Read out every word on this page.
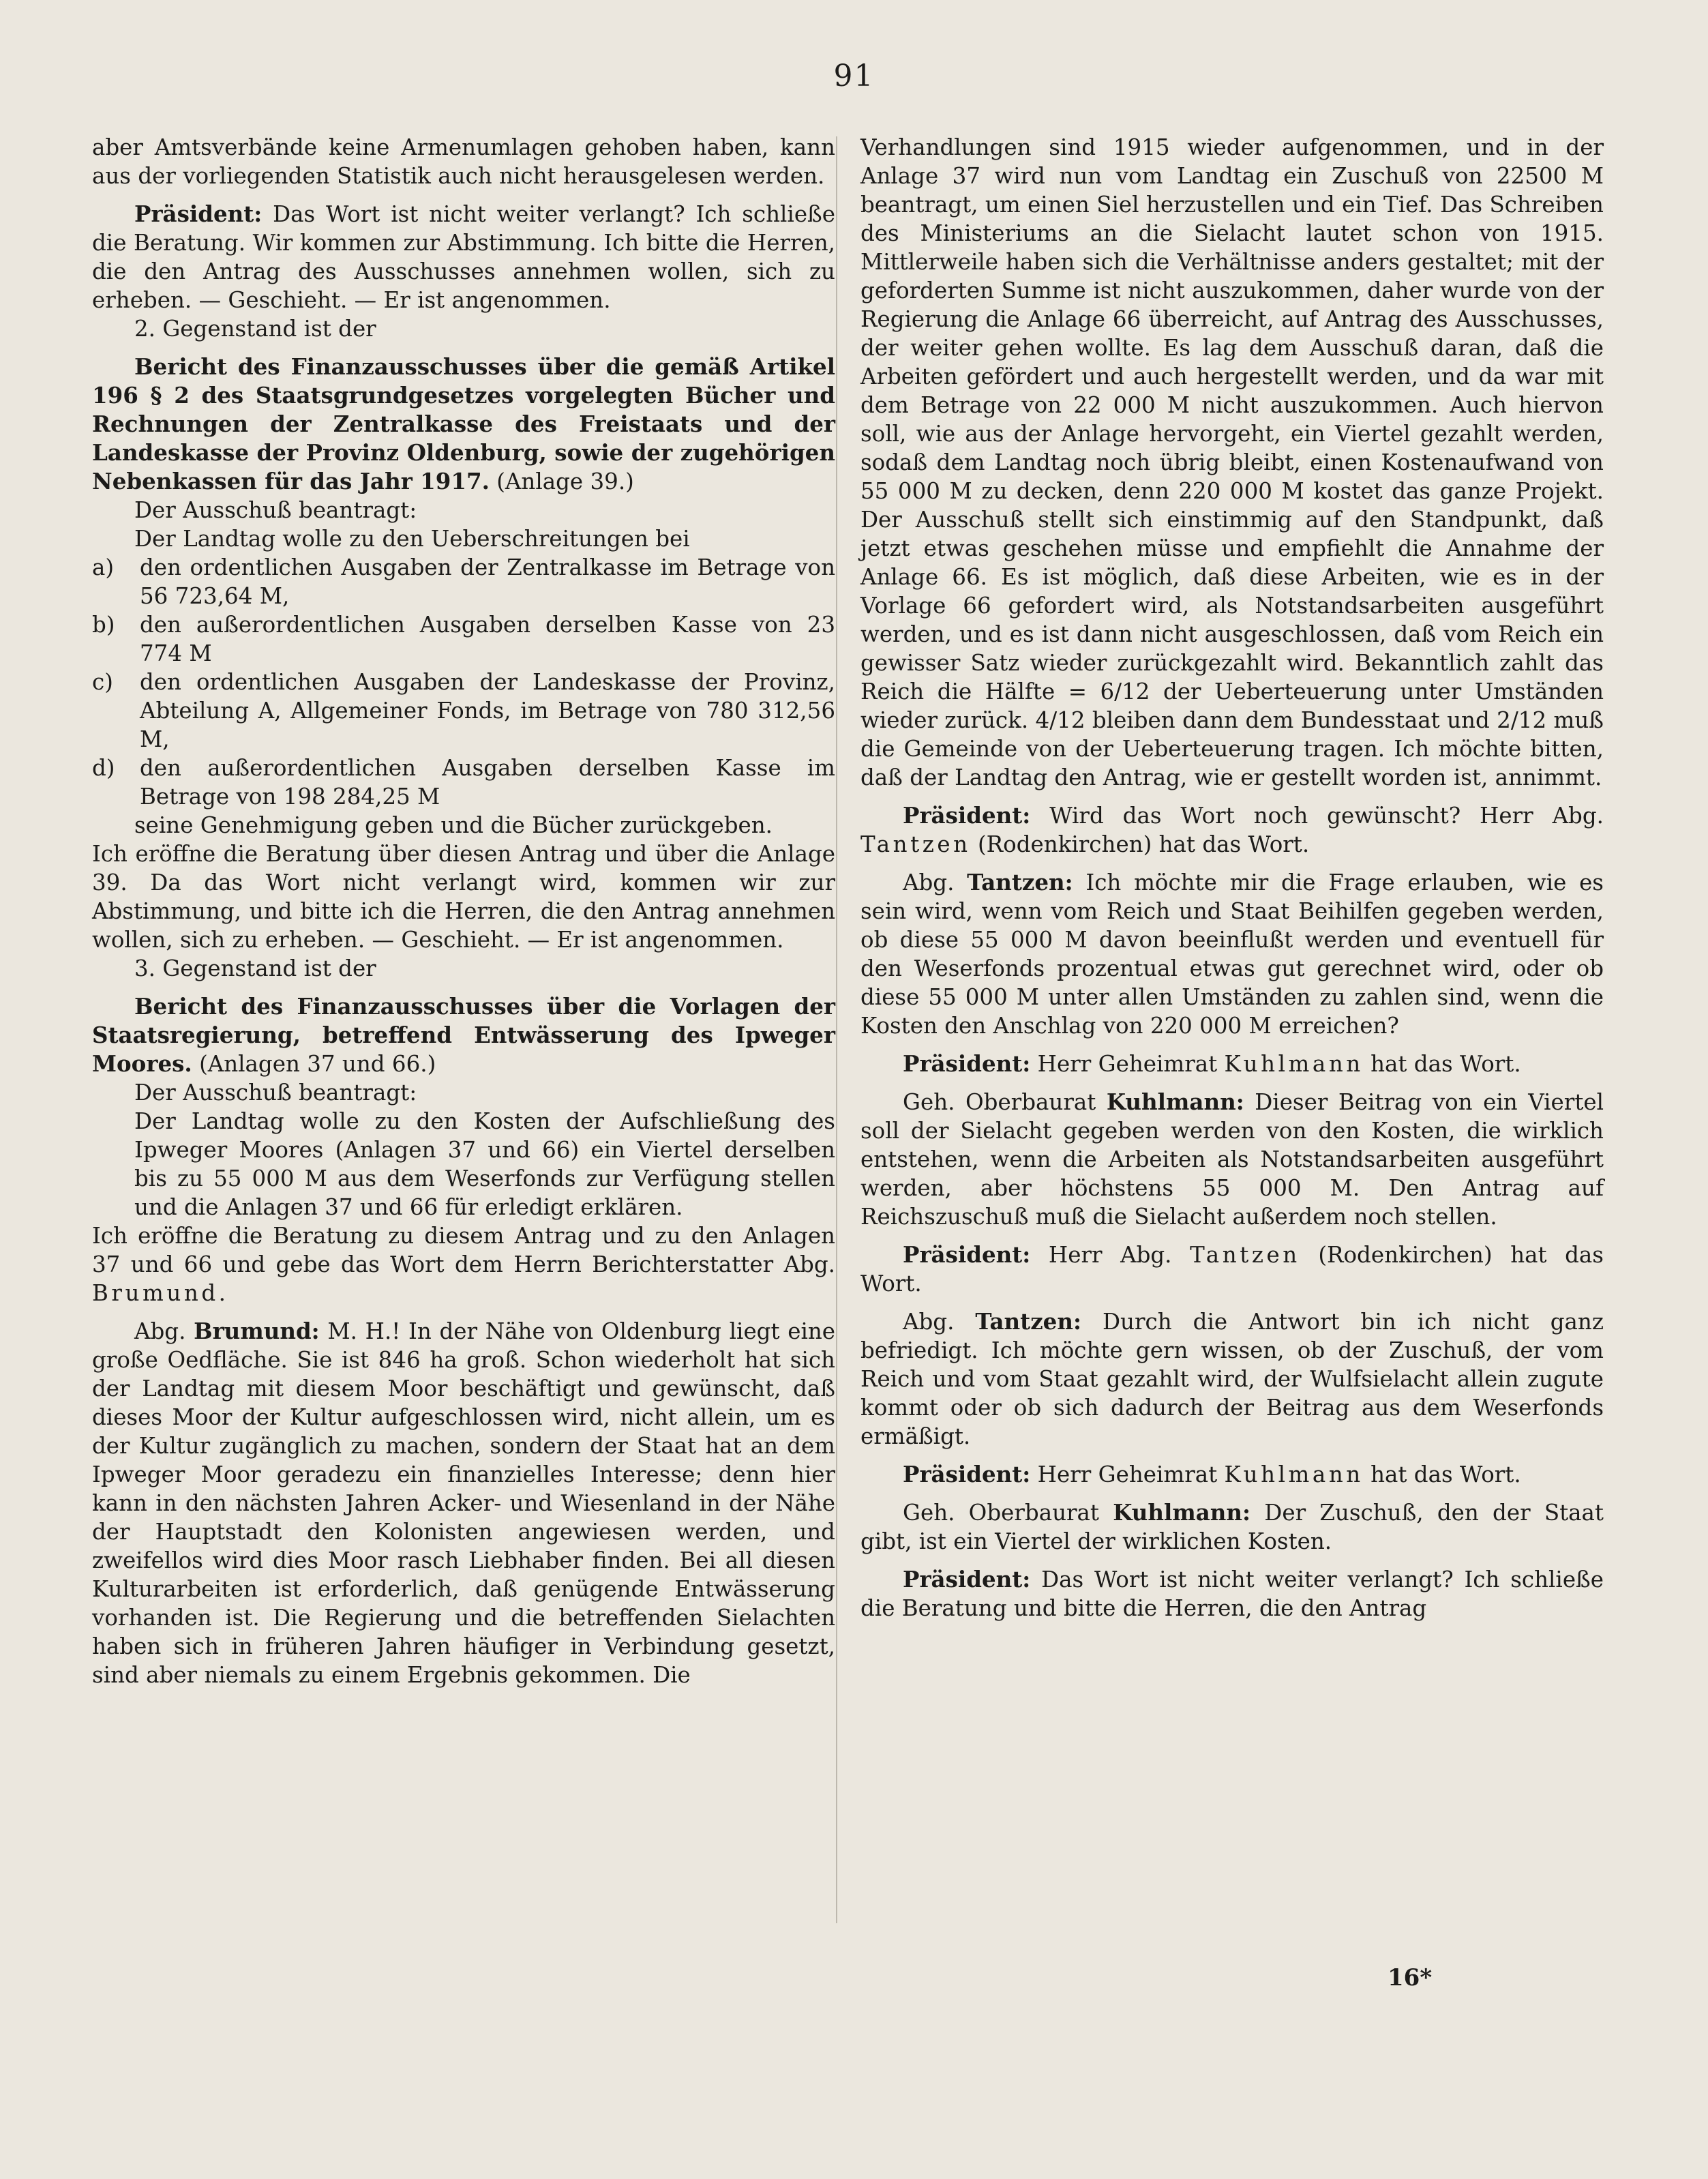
91

aber Amtsverbände keine Armenumlagen gehoben haben, kann aus der vorliegenden Statistik auch nicht herausgelesen werden.

Präsident: Das Wort ist nicht weiter verlangt? Ich schließe die Beratung. Wir kommen zur Abstimmung. Ich bitte die Herren, die den Antrag des Ausschusses annehmen wollen, sich zu erheben. — Geschieht. — Er ist angenommen.

2. Gegenstand ist der

Bericht des Finanzausschusses über die gemäß Artikel 196 § 2 des Staatsgrundgesetzes vorgelegten Bücher und Rechnungen der Zentralkasse des Freistaats und der Landeskasse der Provinz Oldenburg, sowie der zugehörigen Nebenkassen für das Jahr 1917. (Anlage 39.)

Der Ausschuß beantragt:

Der Landtag wolle zu den Ueberschreitungen bei

a)	den ordentlichen Ausgaben der Zentralkasse im Betrage von 56 723,64 M,
b)	den außerordentlichen Ausgaben derselben Kasse von 23 774 M
c)	den ordentlichen Ausgaben der Landeskasse der Provinz, Abteilung A, Allgemeiner Fonds, im Betrage von 780 312,56 M,
d)	den außerordentlichen Ausgaben derselben Kasse im Betrage von 198 284,25 M

seine Genehmigung geben und die Bücher zurückgeben.

Ich eröffne die Beratung über diesen Antrag und über die Anlage 39. Da das Wort nicht verlangt wird, kommen wir zur Abstimmung, und bitte ich die Herren, die den Antrag annehmen wollen, sich zu erheben. — Geschieht. — Er ist angenommen.

3. Gegenstand ist der

Bericht des Finanzausschusses über die Vorlagen der Staatsregierung, betreffend Entwässerung des Ipweger Moores. (Anlagen 37 und 66.)

Der Ausschuß beantragt:

Der Landtag wolle zu den Kosten der Aufschließung des Ipweger Moores (Anlagen 37 und 66) ein Viertel derselben bis zu 55 000 M aus dem Weserfonds zur Verfügung stellen und die Anlagen 37 und 66 für erledigt erklären.

Ich eröffne die Beratung zu diesem Antrag und zu den Anlagen 37 und 66 und gebe das Wort dem Herrn Berichterstatter Abg. Brumund.

Abg. Brumund: M. H.! In der Nähe von Oldenburg liegt eine große Oedfläche. Sie ist 846 ha groß. Schon wiederholt hat sich der Landtag mit diesem Moor beschäftigt und gewünscht, daß dieses Moor der Kultur aufgeschlossen wird, nicht allein, um es der Kultur zugänglich zu machen, sondern der Staat hat an dem Ipweger Moor geradezu ein finanzielles Interesse; denn hier kann in den nächsten Jahren Acker- und Wiesenland in der Nähe der Hauptstadt den Kolonisten angewiesen werden, und zweifellos wird dies Moor rasch Liebhaber finden. Bei all diesen Kulturarbeiten ist erforderlich, daß genügende Entwässerung vorhanden ist. Die Regierung und die betreffenden Sielachten haben sich in früheren Jahren häufiger in Verbindung gesetzt, sind aber niemals zu einem Ergebnis gekommen. Die

Verhandlungen sind 1915 wieder aufgenommen, und in der Anlage 37 wird nun vom Landtag ein Zuschuß von 22500 M beantragt, um einen Siel herzustellen und ein Tief. Das Schreiben des Ministeriums an die Sielacht lautet schon von 1915. Mittlerweile haben sich die Verhältnisse anders gestaltet; mit der geforderten Summe ist nicht auszukommen, daher wurde von der Regierung die Anlage 66 überreicht, auf Antrag des Ausschusses, der weiter gehen wollte. Es lag dem Ausschuß daran, daß die Arbeiten gefördert und auch hergestellt werden, und da war mit dem Betrage von 22 000 M nicht auszukommen. Auch hiervon soll, wie aus der Anlage hervorgeht, ein Viertel gezahlt werden, sodaß dem Landtag noch übrig bleibt, einen Kostenaufwand von 55 000 M zu decken, denn 220 000 M kostet das ganze Projekt. Der Ausschuß stellt sich einstimmig auf den Standpunkt, daß jetzt etwas geschehen müsse und empfiehlt die Annahme der Anlage 66. Es ist möglich, daß diese Arbeiten, wie es in der Vorlage 66 gefordert wird, als Notstandsarbeiten ausgeführt werden, und es ist dann nicht ausgeschlossen, daß vom Reich ein gewisser Satz wieder zurückgezahlt wird. Bekanntlich zahlt das Reich die Hälfte = 6/12 der Ueberteuerung unter Umständen wieder zurück. 4/12 bleiben dann dem Bundesstaat und 2/12 muß die Gemeinde von der Ueberteuerung tragen. Ich möchte bitten, daß der Landtag den Antrag, wie er gestellt worden ist, annimmt.

Präsident: Wird das Wort noch gewünscht? Herr Abg. Tantzen (Rodenkirchen) hat das Wort.

Abg. Tantzen: Ich möchte mir die Frage erlauben, wie es sein wird, wenn vom Reich und Staat Beihilfen gegeben werden, ob diese 55 000 M davon beeinflußt werden und eventuell für den Weserfonds prozentual etwas gut gerechnet wird, oder ob diese 55 000 M unter allen Umständen zu zahlen sind, wenn die Kosten den Anschlag von 220 000 M erreichen?

Präsident: Herr Geheimrat Kuhlmann hat das Wort.

Geh. Oberbaurat Kuhlmann: Dieser Beitrag von ein Viertel soll der Sielacht gegeben werden von den Kosten, die wirklich entstehen, wenn die Arbeiten als Notstandsarbeiten ausgeführt werden, aber höchstens 55 000 M. Den Antrag auf Reichszuschuß muß die Sielacht außerdem noch stellen.

Präsident: Herr Abg. Tantzen (Rodenkirchen) hat das Wort.

Abg. Tantzen: Durch die Antwort bin ich nicht ganz befriedigt. Ich möchte gern wissen, ob der Zuschuß, der vom Reich und vom Staat gezahlt wird, der Wulfsielacht allein zugute kommt oder ob sich dadurch der Beitrag aus dem Weserfonds ermäßigt.

Präsident: Herr Geheimrat Kuhlmann hat das Wort.

Geh. Oberbaurat Kuhlmann: Der Zuschuß, den der Staat gibt, ist ein Viertel der wirklichen Kosten.

Präsident: Das Wort ist nicht weiter verlangt? Ich schließe die Beratung und bitte die Herren, die den Antrag

16*
